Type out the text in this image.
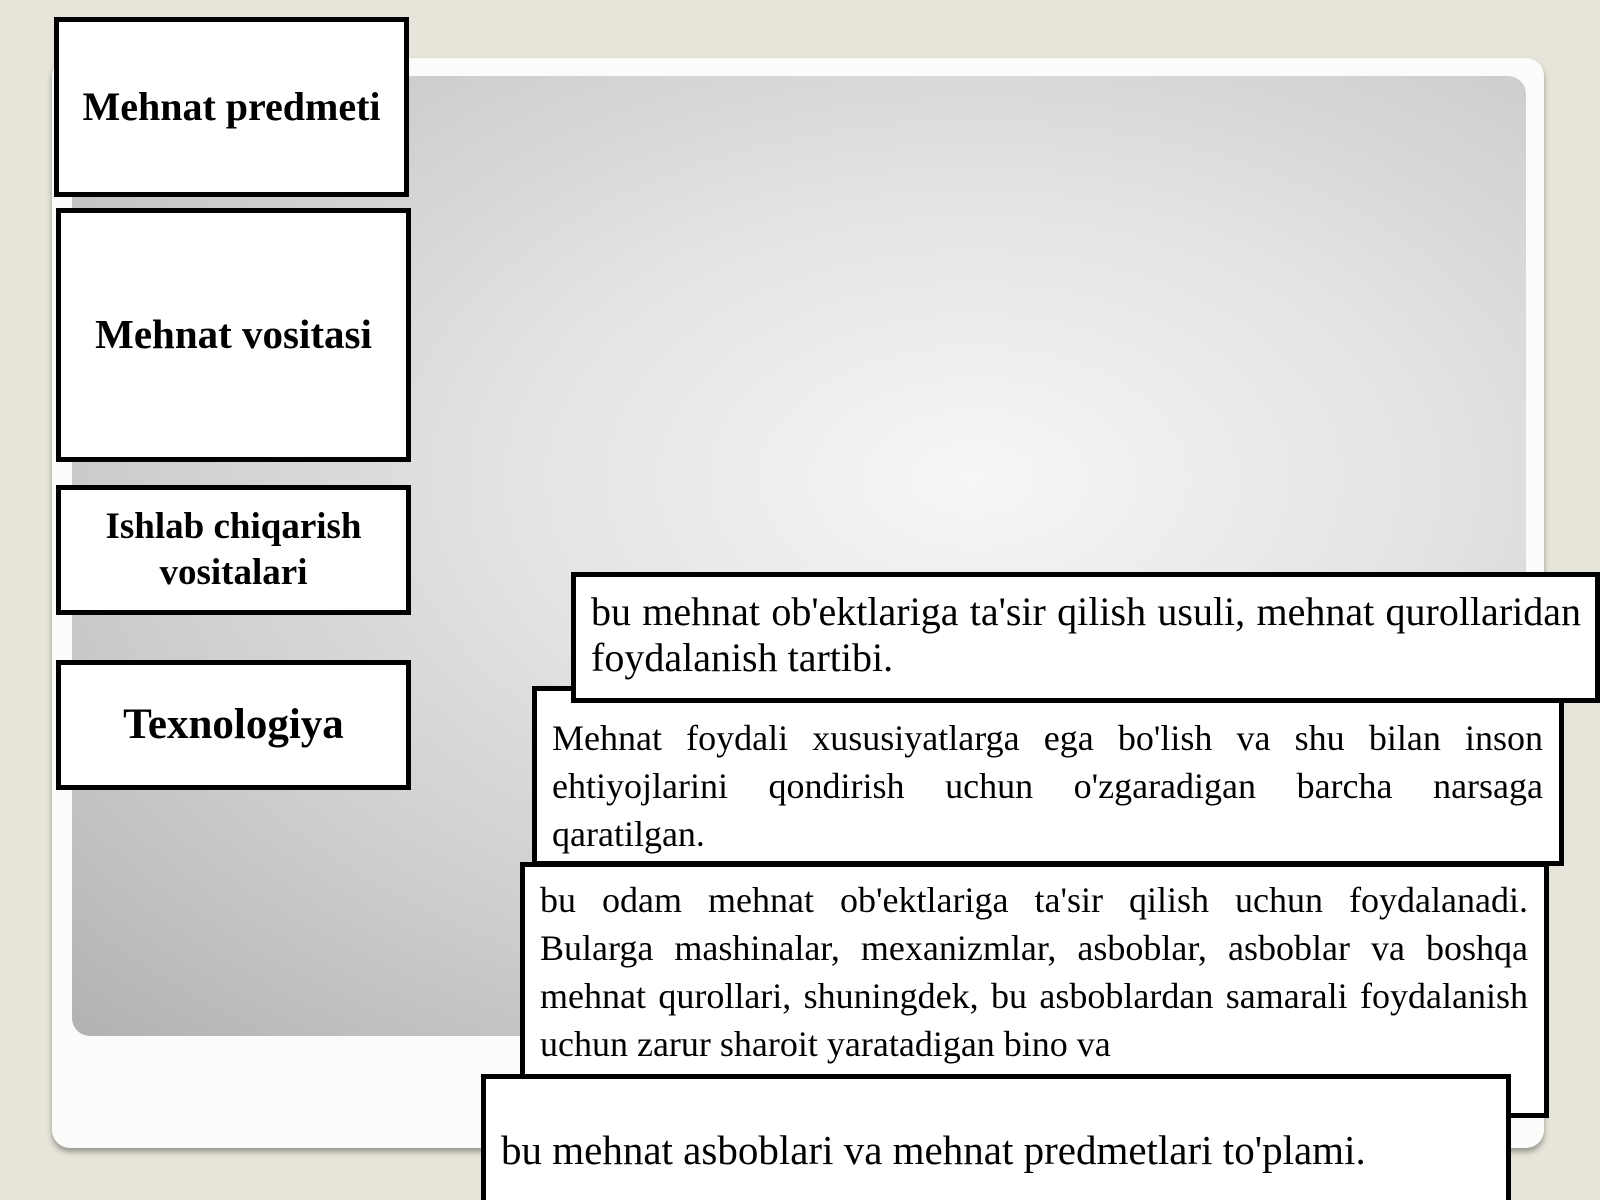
Mehnat predmeti
Mehnat vositasi
Ishlab chiqarish vositalari
Texnologiya
bu mehnat ob'ektlariga ta'sir qilish usuli, mehnat qurollaridan foydalanish tartibi.
Mehnat foydali xususiyatlarga ega bo'lish va shu bilan inson ehtiyojlarini qondirish uchun o'zgaradigan barcha narsaga qaratilgan.
bu odam mehnat ob'ektlariga ta'sir qilish uchun foydalanadi. Bularga mashinalar, mexanizmlar, asboblar, asboblar va boshqa mehnat qurollari, shuningdek, bu asboblardan samarali foydalanish uchun zarur sharoit yaratadigan bino va
bu mehnat asboblari va mehnat predmetlari to'plami.
